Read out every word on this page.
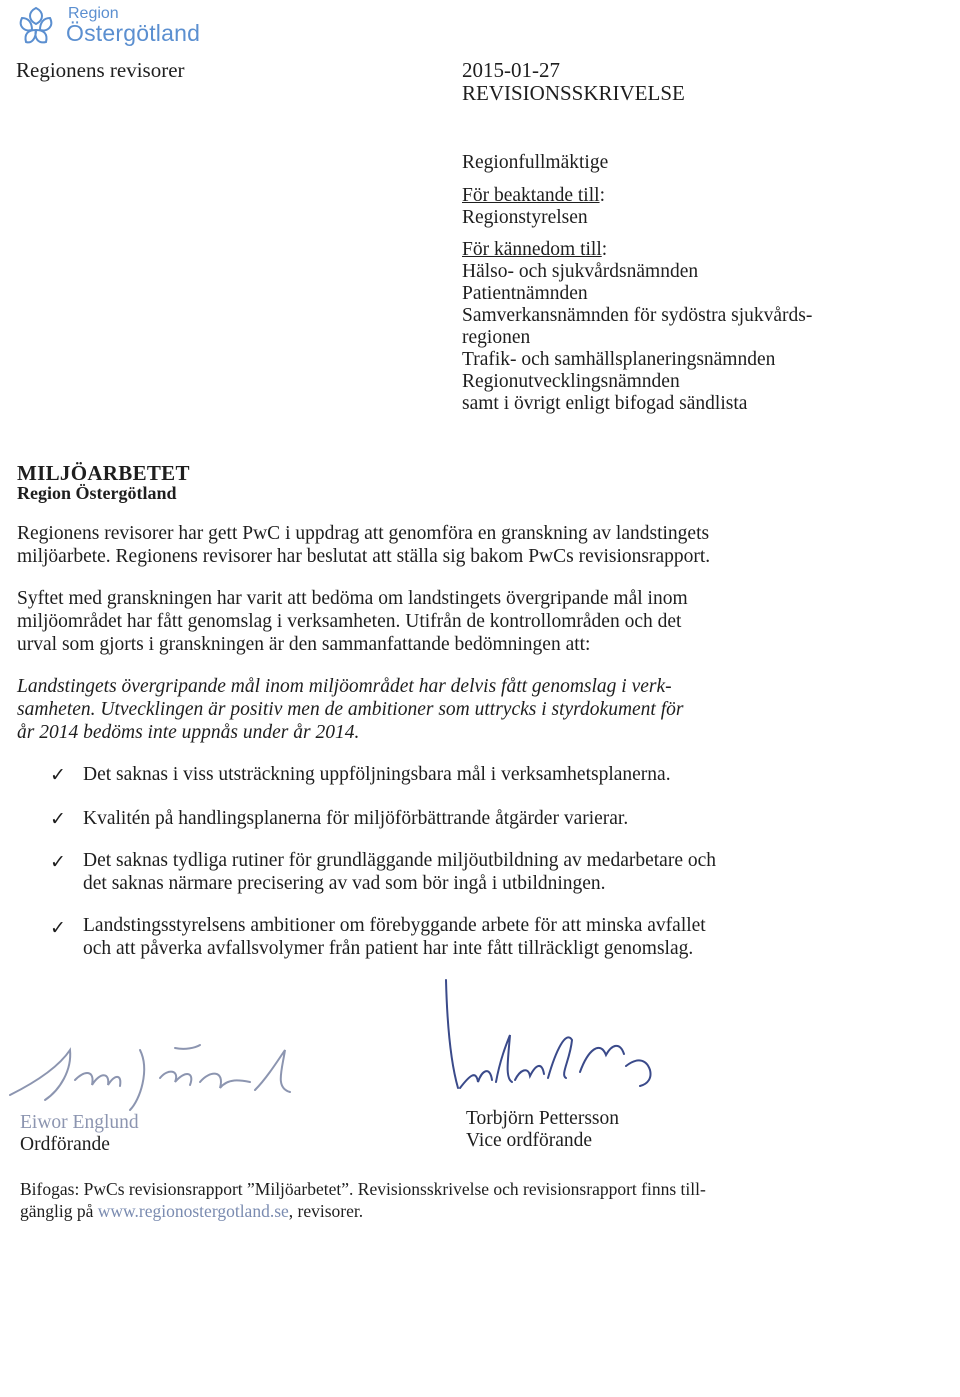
Region
Östergötland
Regionens revisorer	2015-01-27
REVISIONSSKRIVELSE
Regionfullmäktige
För beaktande till:
Regionstyrelsen
För kännedom till:
Hälso- och sjukvårdsnämnden
Patientnämnden
Samverkansnämnden för sydöstra sjukvårds-
regionen
Trafik- och samhällsplaneringsnämnden
Regionutvecklingsnämnden
samt i övrigt enligt bifogad sändlista
MILJÖARBETET
Region Östergötland
Regionens revisorer har gett PwC i uppdrag att genomföra en granskning av landstingets
miljöarbete. Regionens revisorer har beslutat att ställa sig bakom PwCs revisionsrapport.
Syftet med granskningen har varit att bedöma om landstingets övergripande mål inom
miljöområdet har fått genomslag i verksamheten. Utifrån de kontrollområden och det
urval som gjorts i granskningen är den sammanfattande bedömningen att:
Landstingets övergripande mål inom miljöområdet har delvis fått genomslag i verk-
samheten. Utvecklingen är positiv men de ambitioner som uttrycks i styrdokument för
år 2014 bedöms inte uppnås under år 2014.
✓ Det saknas i viss utsträckning uppföljningsbara mål i verksamhetsplanerna.
✓ Kvalitén på handlingsplanerna för miljöförbättrande åtgärder varierar.
✓ Det saknas tydliga rutiner för grundläggande miljöutbildning av medarbetare och
det saknas närmare precisering av vad som bör ingå i utbildningen.
✓ Landstingsstyrelsens ambitioner om förebyggande arbete för att minska avfallet
och att påverka avfallsvolymer från patient har inte fått tillräckligt genomslag.
Eiwor Englund
Ordförande
Torbjörn Pettersson
Vice ordförande
Bifogas: PwCs revisionsrapport ”Miljöarbetet”. Revisionsskrivelse och revisionsrapport finns till-
gänglig på www.regionostergotland.se, revisorer.
